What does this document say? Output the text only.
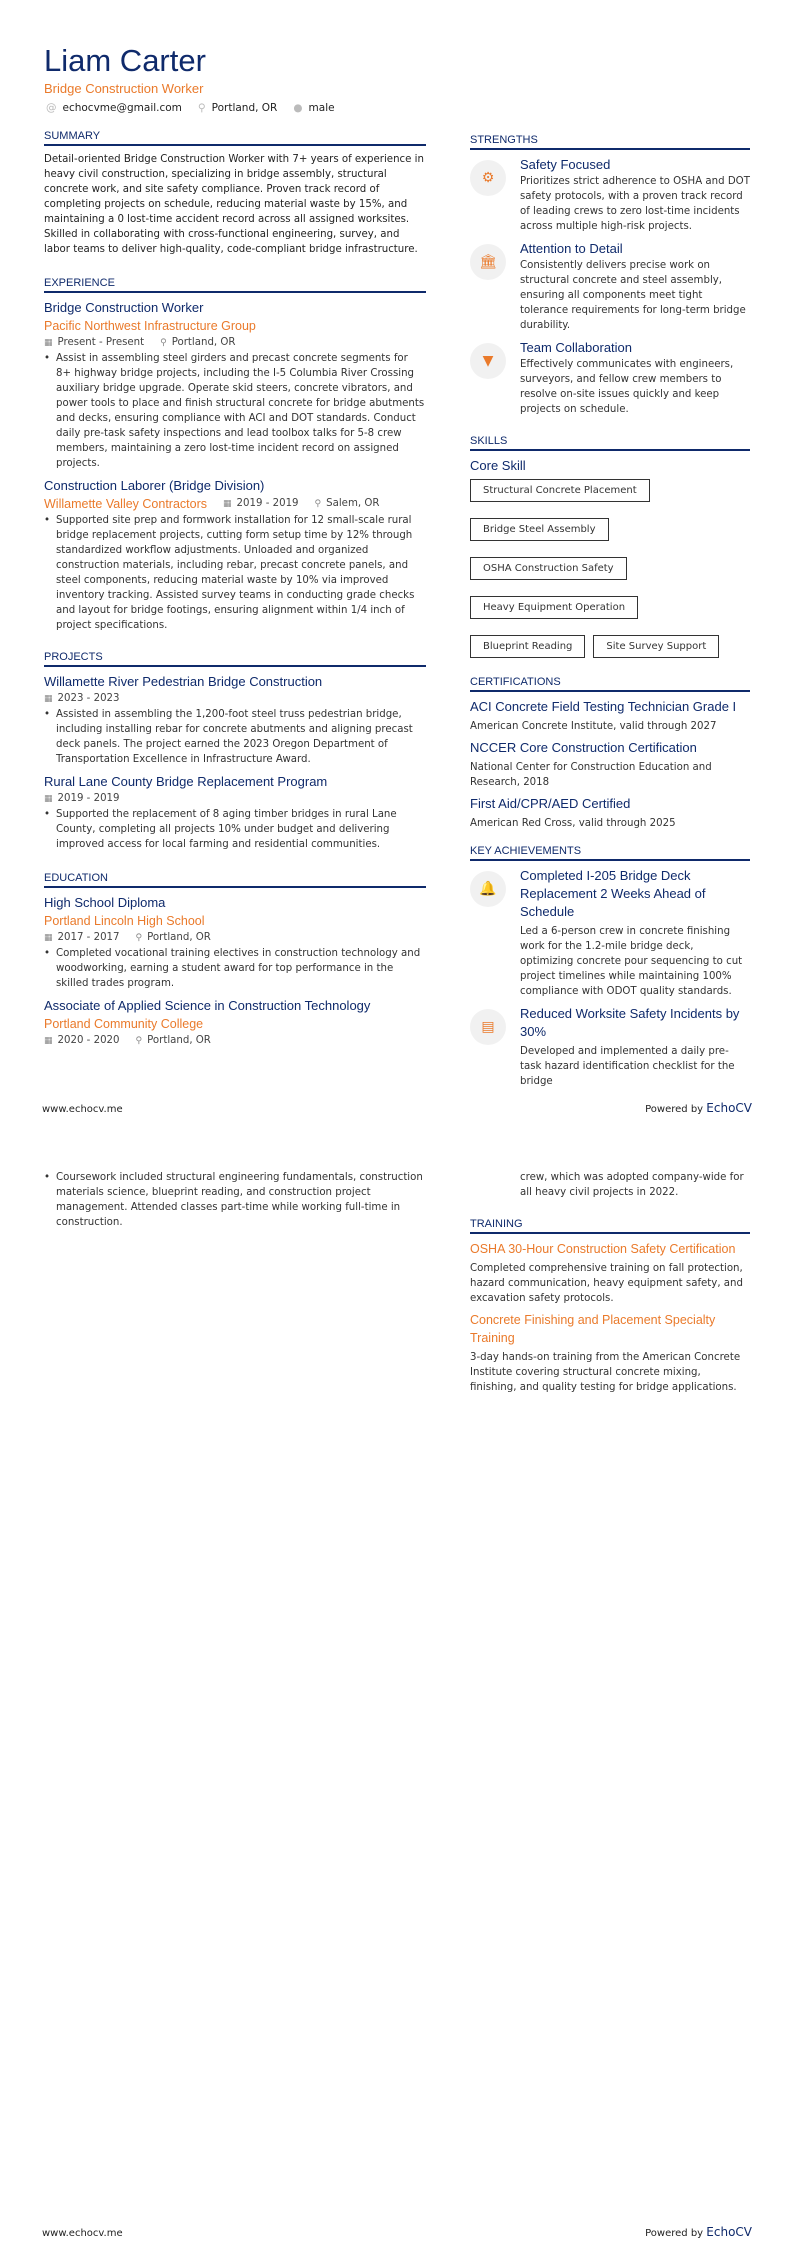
Liam Carter
Bridge Construction Worker
@ echocvme@gmail.com ⚲ Portland, OR ● male
SUMMARY
Detail-oriented Bridge Construction Worker with 7+ years of experience in heavy civil construction, specializing in bridge assembly, structural concrete work, and site safety compliance. Proven track record of completing projects on schedule, reducing material waste by 15%, and maintaining a 0 lost-time accident record across all assigned worksites. Skilled in collaborating with cross-functional engineering, survey, and labor teams to deliver high-quality, code-compliant bridge infrastructure.
EXPERIENCE
Bridge Construction Worker
Pacific Northwest Infrastructure Group
▦ Present - Present ⚲ Portland, OR
• Assist in assembling steel girders and precast concrete segments for 8+ highway bridge projects, including the I-5 Columbia River Crossing auxiliary bridge upgrade. Operate skid steers, concrete vibrators, and power tools to place and finish structural concrete for bridge abutments and decks, ensuring compliance with ACI and DOT standards. Conduct daily pre-task safety inspections and lead toolbox talks for 5-8 crew members, maintaining a zero lost-time incident record on assigned projects.
Construction Laborer (Bridge Division)
Willamette Valley Contractors ▦ 2019 - 2019 ⚲ Salem, OR
• Supported site prep and formwork installation for 12 small-scale rural bridge replacement projects, cutting form setup time by 12% through standardized workflow adjustments. Unloaded and organized construction materials, including rebar, precast concrete panels, and steel components, reducing material waste by 10% via improved inventory tracking. Assisted survey teams in conducting grade checks and layout for bridge footings, ensuring alignment within 1/4 inch of project specifications.
PROJECTS
Willamette River Pedestrian Bridge Construction
▦ 2023 - 2023
• Assisted in assembling the 1,200-foot steel truss pedestrian bridge, including installing rebar for concrete abutments and aligning precast deck panels. The project earned the 2023 Oregon Department of Transportation Excellence in Infrastructure Award.
Rural Lane County Bridge Replacement Program
▦ 2019 - 2019
• Supported the replacement of 8 aging timber bridges in rural Lane County, completing all projects 10% under budget and delivering improved access for local farming and residential communities.
EDUCATION
High School Diploma
Portland Lincoln High School
▦ 2017 - 2017 ⚲ Portland, OR
• Completed vocational training electives in construction technology and woodworking, earning a student award for top performance in the skilled trades program.
Associate of Applied Science in Construction Technology
Portland Community College
▦ 2020 - 2020 ⚲ Portland, OR
STRENGTHS
⚙
Safety Focused
Prioritizes strict adherence to OSHA and DOT safety protocols, with a proven track record of leading crews to zero lost-time incidents across multiple high-risk projects.
🏛
Attention to Detail
Consistently delivers precise work on structural concrete and steel assembly, ensuring all components meet tight tolerance requirements for long-term bridge durability.
▼
Team Collaboration
Effectively communicates with engineers, surveyors, and fellow crew members to resolve on-site issues quickly and keep projects on schedule.
SKILLS
Core Skill
Structural Concrete Placement
Bridge Steel Assembly
OSHA Construction Safety
Heavy Equipment Operation
Blueprint Reading	Site Survey Support
CERTIFICATIONS
ACI Concrete Field Testing Technician Grade I
American Concrete Institute, valid through 2027
NCCER Core Construction Certification
National Center for Construction Education and Research, 2018
First Aid/CPR/AED Certified
American Red Cross, valid through 2025
KEY ACHIEVEMENTS
🔔
Completed I-205 Bridge Deck Replacement 2 Weeks Ahead of Schedule
Led a 6-person crew in concrete finishing work for the 1.2-mile bridge deck, optimizing concrete pour sequencing to cut project timelines while maintaining 100% compliance with ODOT quality standards.
▤
Reduced Worksite Safety Incidents by 30%
Developed and implemented a daily pre-task hazard identification checklist for the bridge
www.echocv.me	Powered by EchoCV
• Coursework included structural engineering fundamentals, construction materials science, blueprint reading, and construction project management. Attended classes part-time while working full-time in construction.
crew, which was adopted company-wide for all heavy civil projects in 2022.
TRAINING
OSHA 30-Hour Construction Safety Certification
Completed comprehensive training on fall protection, hazard communication, heavy equipment safety, and excavation safety protocols.
Concrete Finishing and Placement Specialty Training
3-day hands-on training from the American Concrete Institute covering structural concrete mixing, finishing, and quality testing for bridge applications.
www.echocv.me	Powered by EchoCV
